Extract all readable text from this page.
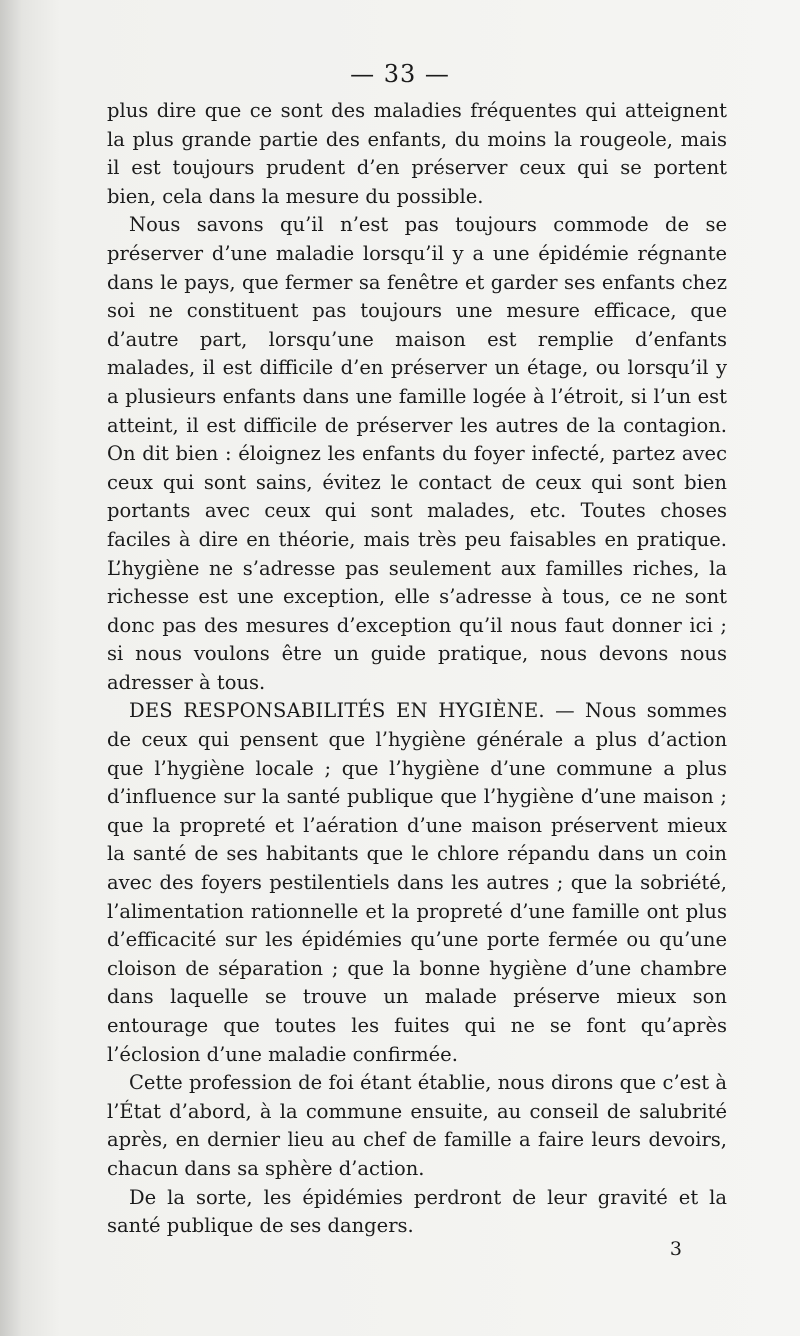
— 33 —

plus dire que ce sont des maladies fréquentes qui atteignent la plus grande partie des enfants, du moins la rougeole, mais il est toujours prudent d’en préserver ceux qui se portent bien, cela dans la mesure du possible.

Nous savons qu’il n’est pas toujours commode de se préserver d’une maladie lorsqu’il y a une épidémie régnante dans le pays, que fermer sa fenêtre et garder ses enfants chez soi ne constituent pas toujours une mesure efficace, que d’autre part, lorsqu’une maison est remplie d’enfants malades, il est difficile d’en préserver un étage, ou lorsqu’il y a plusieurs enfants dans une famille logée à l’étroit, si l’un est atteint, il est difficile de préserver les autres de la contagion. On dit bien : éloignez les enfants du foyer infecté, partez avec ceux qui sont sains, évitez le contact de ceux qui sont bien portants avec ceux qui sont malades, etc. Toutes choses faciles à dire en théorie, mais très peu faisables en pratique. L’hygiène ne s’adresse pas seulement aux familles riches, la richesse est une exception, elle s’adresse à tous, ce ne sont donc pas des mesures d’exception qu’il nous faut donner ici ; si nous voulons être un guide pratique, nous devons nous adresser à tous.

DES RESPONSABILITÉS EN HYGIÈNE. — Nous sommes de ceux qui pensent que l’hygiène générale a plus d’action que l’hygiène locale ; que l’hygiène d’une commune a plus d’influence sur la santé publique que l’hygiène d’une maison ; que la propreté et l’aération d’une maison préservent mieux la santé de ses habitants que le chlore répandu dans un coin avec des foyers pestilentiels dans les autres ; que la sobriété, l’alimentation rationnelle et la propreté d’une famille ont plus d’efficacité sur les épidémies qu’une porte fermée ou qu’une cloison de séparation ; que la bonne hygiène d’une chambre dans laquelle se trouve un malade préserve mieux son entourage que toutes les fuites qui ne se font qu’après l’éclosion d’une maladie confirmée.

Cette profession de foi étant établie, nous dirons que c’est à l’État d’abord, à la commune ensuite, au conseil de salubrité après, en dernier lieu au chef de famille a faire leurs devoirs, chacun dans sa sphère d’action.

De la sorte, les épidémies perdront de leur gravité et la santé publique de ses dangers.

3
